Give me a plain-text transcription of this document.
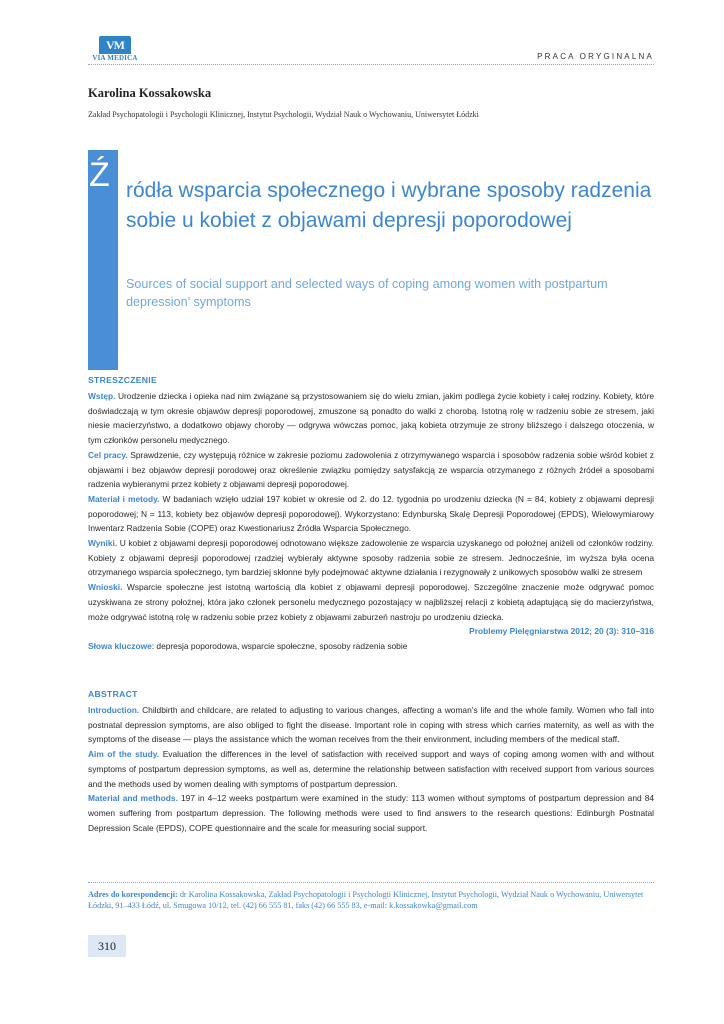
VM
VIA MEDICA	PRACA ORYGINALNA
Karolina Kossakowska
Zakład Psychopatologii i Psychologii Klinicznej, Instytut Psychologii, Wydział Nauk o Wychowaniu, Uniwersytet Łódzki
Ź ródła wsparcia społecznego i wybrane sposoby radzenia sobie u kobiet z objawami depresji poporodowej
Sources of social support and selected ways of coping among women with postpartum depression’ symptoms
STRESZCZENIE

Wstęp. Urodzenie dziecka i opieka nad nim związane są przystosowaniem się do wielu zmian, jakim podlega życie kobiety i całej rodziny. Kobiety, które doświadczają w tym okresie objawów depresji poporodowej, zmuszone są ponadto do walki z chorobą. Istotną rolę w radzeniu sobie ze stresem, jaki niesie macierzyństwo, a dodatkowo objawy choroby — odgrywa wówczas pomoc, jaką kobieta otrzymuje ze strony bliższego i dalszego otoczenia, w tym członków personelu medycznego.

Cel pracy. Sprawdzenie, czy występują różnice w zakresie poziomu zadowolenia z otrzymywanego wsparcia i sposobów radzenia sobie wśród kobiet z objawami i bez objawów depresji porodowej oraz określenie związku pomiędzy satysfakcją ze wsparcia otrzymanego z różnych źródeł a sposobami radzenia wybieranymi przez kobiety z objawami depresji poporodowej.

Materiał i metody. W badaniach wzięło udział 197 kobiet w okresie od 2. do 12. tygodnia po urodzeniu dziecka (N = 84, kobiety z objawami depresji poporodowej; N = 113, kobiety bez objawów depresji poporodowej). Wykorzystano: Edynburską Skalę Depresji Poporodowej (EPDS), Wielowymiarowy Inwentarz Radzenia Sobie (COPE) oraz Kwestionariusz Źródła Wsparcia Społecznego.

Wyniki. U kobiet z objawami depresji poporodowej odnotowano większe zadowolenie ze wsparcia uzyskanego od położnej aniżeli od członków rodziny. Kobiety z objawami depresji poporodowej rzadziej wybierały aktywne sposoby radzenia sobie ze stresem. Jednocześnie, im wyższa była ocena otrzymanego wsparcia społecznego, tym bardziej skłonne były podejmować aktywne działania i rezygnowały z unikowych sposobów walki ze stresem

Wnioski. Wsparcie społeczne jest istotną wartością dla kobiet z objawami depresji poporodowej. Szczególne znaczenie może odgrywać pomoc uzyskiwana ze strony położnej, która jako członek personelu medycznego pozostający w najbliższej relacji z kobietą adaptującą się do macierzyństwa, może odgrywać istotną rolę w radzeniu sobie przez kobiety z objawami zaburzeń nastroju po urodzeniu dziecka.

Problemy Pielęgniarstwa 2012; 20 (3): 310–316

Słowa kluczowe: depresja poporodowa, wsparcie społeczne, sposoby radzenia sobie

ABSTRACT

Introduction. Childbirth and childcare, are related to adjusting to various changes, affecting a woman’s life and the whole family. Women who fall into postnatal depression symptoms, are also obliged to fight the disease. Important role in coping with stress which carries maternity, as well as with the symptoms of the disease — plays the assistance which the woman receives from the their environment, including members of the medical staff.

Aim of the study. Evaluation the differences in the level of satisfaction with received support and ways of coping among women with and without symptoms of postpartum depression symptoms, as well as, determine the relationship between satisfaction with received support from various sources and the methods used by women dealing with symptoms of postpartum depression.

Material and methods. 197 in 4–12 weeks postpartum were examined in the study: 113 women without symptoms of postpartum depression and 84 women suffering from postpartum depression. The following methods were used to find answers to the research questions: Edinburgh Postnatal Depression Scale (EPDS), COPE questionnaire and the scale for measuring social support.

Adres do korespondencji: dr Karolina Kossakowska, Zakład Psychopatologii i Psychologii Klinicznej, Instytut Psychologii, Wydział Nauk o Wychowaniu, Uniwersytet Łódzki, 91–433 Łódź, ul. Smugowa 10/12, tel. (42) 66 555 81, faks (42) 66 555 83, e-mail: k.kossakowka@gmail.com
310
